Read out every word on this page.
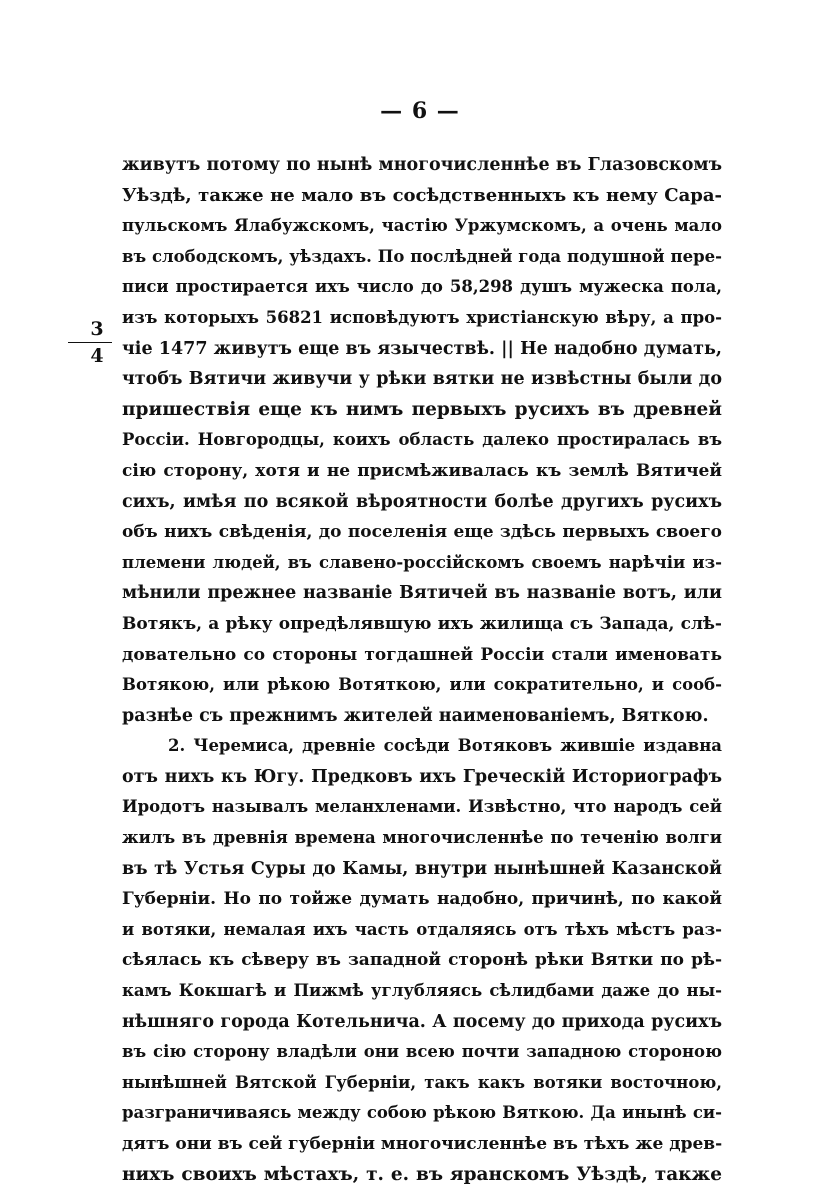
— 6 —
3
4
живутъ потому по нынѣ многочисленнѣе въ Глазовскомъ
Уѣздѣ, также не мало въ сосѣдственныхъ къ нему Сара-
пульскомъ Ялабужскомъ, частію Уржумскомъ, а очень мало
въ слободскомъ, уѣздахъ. По послѣдней года подушной пере-
писи простирается ихъ число до 58,298 душъ мужеска пола,
изъ которыхъ 56821 исповѣдуютъ христіанскую вѣру, а про-
чіе 1477 живутъ еще въ язычествѣ. || Не надобно думать,
чтобъ Вятичи живучи у рѣки вятки не извѣстны были до
пришествія еще къ нимъ первыхъ русихъ въ древней
Россіи. Новгородцы, коихъ область далеко простиралась въ
сію сторону, хотя и не присмѣживалась къ землѣ Вятичей
сихъ, имѣя по всякой вѣроятности болѣе другихъ русихъ
объ нихъ свѣденія, до поселенія еще здѣсь первыхъ своего
племени людей, въ славено-россійскомъ своемъ нарѣчіи из-
мѣнили прежнее названіе Вятичей въ названіе вотъ, или
Вотякъ, а рѣку опредѣлявшую ихъ жилища съ Запада, слѣ-
довательно со стороны тогдашней Россіи стали именовать
Вотякою, или рѣкою Вотяткою, или сократительно, и сооб-
разнѣе съ прежнимъ жителей наименованіемъ, Вяткою.
2. Черемиса, древніе сосѣди Вотяковъ жившіе издавна
отъ нихъ къ Югу. Предковъ ихъ Греческій Историографъ
Иродотъ называлъ меланхленами. Извѣстно, что народъ сей
жилъ въ древнія времена многочисленнѣе по теченію волги
въ тѣ Устья Суры до Камы, внутри нынѣшней Казанской
Губерніи. Но по тойже думать надобно, причинѣ, по какой
и вотяки, немалая ихъ часть отдаляясь отъ тѣхъ мѣстъ раз-
сѣялась къ сѣверу въ западной сторонѣ рѣки Вятки по рѣ-
камъ Кокшагѣ и Пижмѣ углубляясь сѣлидбами даже до ны-
нѣшняго города Котельнича. А посему до прихода русихъ
въ сію сторону владѣли они всею почти западною стороною
нынѣшней Вятской Губерніи, такъ какъ вотяки восточною,
разграничиваясь между собою рѣкою Вяткою. Да инынѣ си-
дятъ они въ сей губерніи многочисленнѣе въ тѣхъ же древ-
нихъ своихъ мѣстахъ, т. е. въ яранскомъ Уѣздѣ, также
